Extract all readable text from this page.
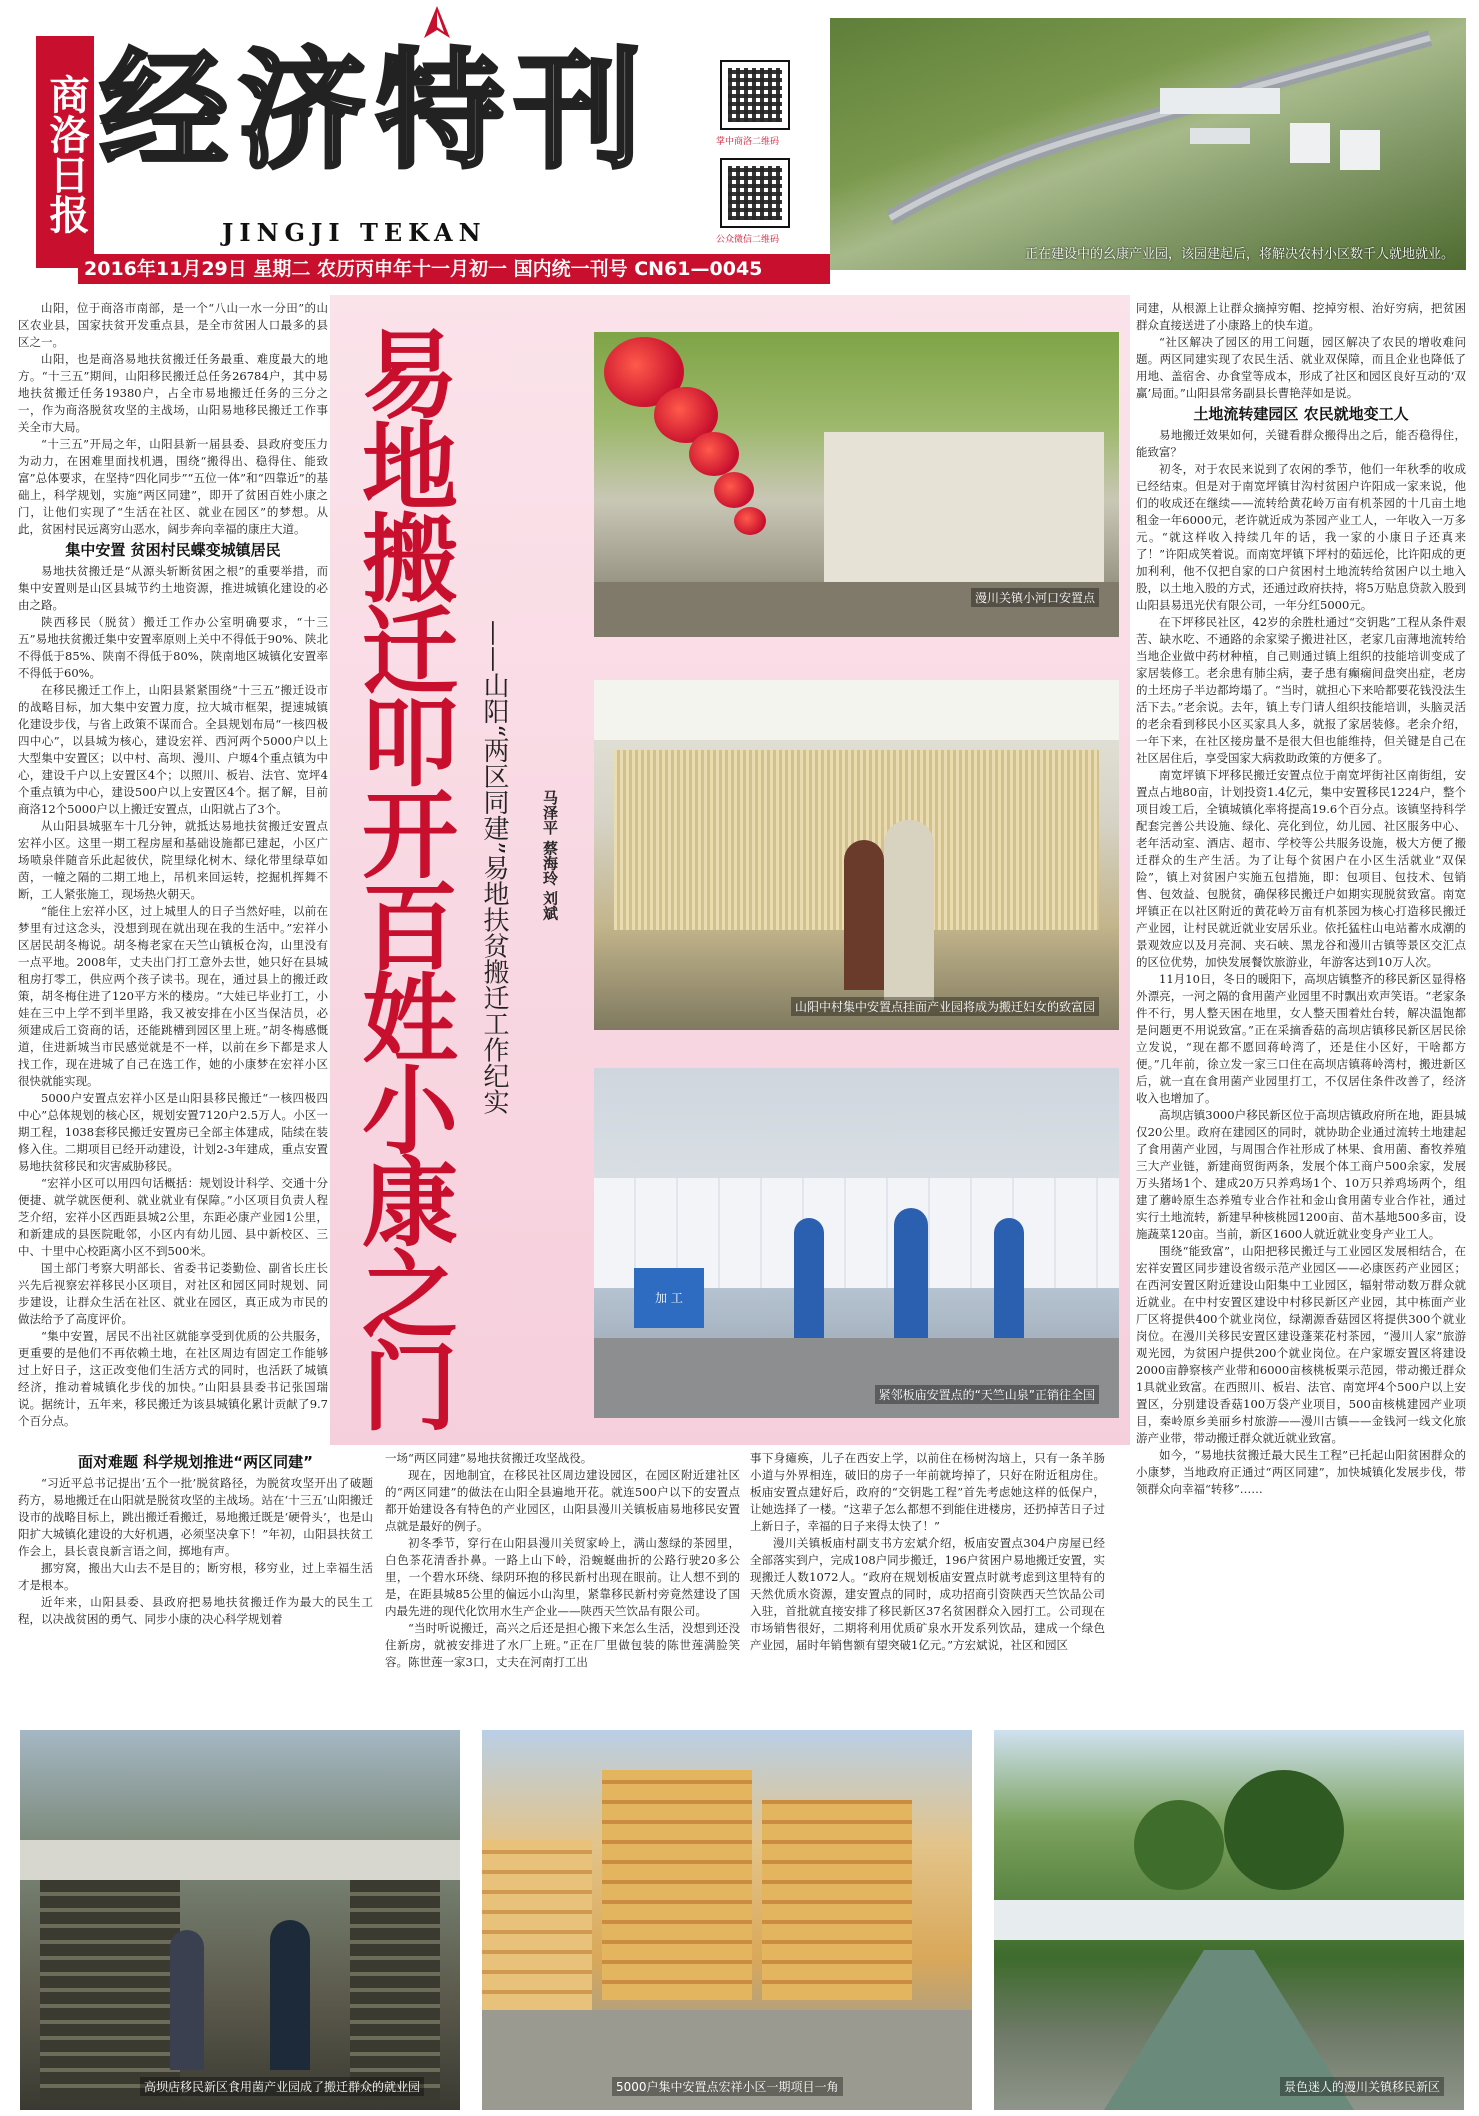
商洛日报 经济特刊
JINGJI TEKAN
掌中商洛二维码
公众微信二维码
2016年11月29日 星期二 农历丙申年十一月初一 国内统一刊号 CN61—0045
正在建设中的幺康产业园，该园建起后，将解决农村小区数千人就地就业。
易地搬迁叩开百姓小康之门
——山阳“两区同建”易地扶贫搬迁工作纪实 马泽平 蔡海玲 刘斌
漫川关镇小河口安置点
山阳中村集中安置点挂面产业园将成为搬迁妇女的致富园
加 工
紧邻板庙安置点的“天竺山泉”正销往全国

山阳，位于商洛市南部，是一个“八山一水一分田”的山区农业县，国家扶贫开发重点县，是全市贫困人口最多的县区之一。

山阳，也是商洛易地扶贫搬迁任务最重、难度最大的地方。“十三五”期间，山阳移民搬迁总任务26784户，其中易地扶贫搬迁任务19380户，占全市易地搬迁任务的三分之一，作为商洛脱贫攻坚的主战场，山阳易地移民搬迁工作事关全市大局。

“十三五”开局之年，山阳县新一届县委、县政府变压力为动力，在困难里面找机遇，围绕“搬得出、稳得住、能致富”总体要求，在坚持“四化同步”“五位一体”和“四靠近”的基础上，科学规划，实施“两区同建”，即开了贫困百姓小康之门，让他们实现了“生活在社区、就业在园区”的梦想。从此，贫困村民远离穷山恶水，阔步奔向幸福的康庄大道。

集中安置 贫困村民蝶变城镇居民

易地扶贫搬迁是“从源头斩断贫困之根”的重要举措，而集中安置则是山区县城节约土地资源，推进城镇化建设的必由之路。

陕西移民（脱贫）搬迁工作办公室明确要求，“十三五”易地扶贫搬迁集中安置率原则上关中不得低于90%、陕北不得低于85%、陕南不得低于80%，陕南地区城镇化安置率不得低于60%。

在移民搬迁工作上，山阳县紧紧围绕“十三五”搬迁设市的战略目标，加大集中安置力度，拉大城市框架，提速城镇化建设步伐，与省上政策不谋而合。全县规划布局“一核四极四中心”，以县城为核心，建设宏祥、西河两个5000户以上大型集中安置区；以中村、高坝、漫川、户塬4个重点镇为中心，建设千户以上安置区4个；以照川、板岩、法官、宽坪4个重点镇为中心，建设500户以上安置区4个。据了解，目前商洛12个5000户以上搬迁安置点，山阳就占了3个。

从山阳县城驱车十几分钟，就抵达易地扶贫搬迁安置点宏祥小区。这里一期工程房屋和基础设施都已建起，小区广场喷泉伴随音乐此起彼伏，院里绿化树木、绿化带里绿草如茵，一幢之隔的二期工地上，吊机来回运转，挖掘机挥舞不断，工人紧张施工，现场热火朝天。

“能住上宏祥小区，过上城里人的日子当然好哇，以前在梦里有过这念头，没想到现在就出现在我的生活中。”宏祥小区居民胡冬梅说。胡冬梅老家在天竺山镇板仓沟，山里没有一点平地。2008年，丈夫出门打工意外去世，她只好在县城租房打零工，供应两个孩子读书。现在，通过县上的搬迁政策，胡冬梅住进了120平方米的楼房。“大娃已毕业打工，小娃在三中上学不到半里路，我又被安排在小区当保洁员，必须建成后工资商的话，还能跳槽到园区里上班。”胡冬梅感慨道，住进新城当市民感觉就是不一样，以前在乡下都是求人找工作，现在进城了自己在选工作，她的小康梦在宏祥小区很快就能实现。

5000户安置点宏祥小区是山阳县移民搬迁“一核四极四中心”总体规划的核心区，规划安置7120户2.5万人。小区一期工程，1038套移民搬迁安置房已全部主体建成，陆续在装修入住。二期项目已经开动建设，计划2-3年建成，重点安置易地扶贫移民和灾害威胁移民。

“宏祥小区可以用四句话概括：规划设计科学、交通十分便捷、就学就医便利、就业就业有保障。”小区项目负责人程芝介绍，宏祥小区西距县城2公里，东距必康产业园1公里，和新建成的县医院毗邻，小区内有幼儿园、县中新校区、三中、十里中心校距离小区不到500米。

国土部门考察大明部长、省委书记娄勤俭、副省长庄长兴先后视察宏祥移民小区项目，对社区和园区同时规划、同步建设，让群众生活在社区、就业在园区，真正成为市民的做法给予了高度评价。

“集中安置，居民不出社区就能享受到优质的公共服务，更重要的是他们不再依赖土地，在社区周边有固定工作能够过上好日子，这正改变他们生活方式的同时，也活跃了城镇经济，推动着城镇化步伐的加快。”山阳县县委书记张国瑞说。据统计，五年来，移民搬迁为该县城镇化累计贡献了9.7个百分点。

面对难题 科学规划推进“两区同建”

“习近平总书记提出‘五个一批’脱贫路径，为脱贫攻坚开出了破题药方，易地搬迁在山阳就是脱贫攻坚的主战场。站在‘十三五’山阳搬迁设市的战略目标上，跳出搬迁看搬迁，易地搬迁既是‘硬骨头’，也是山阳扩大城镇化建设的大好机遇，必须坚决拿下！”年初，山阳县扶贫工作会上，县长袁良新言语之间，掷地有声。

挪穷窝，搬出大山去不是目的；断穷根，移穷业，过上幸福生活才是根本。

近年来，山阳县委、县政府把易地扶贫搬迁作为最大的民生工程，以决战贫困的勇气、同步小康的决心科学规划着

一场“两区同建”易地扶贫搬迁攻坚战役。

现在，因地制宜，在移民社区周边建设园区，在园区附近建社区的“两区同建”的做法在山阳全县遍地开花。就连500户以下的安置点都开始建设各有特色的产业园区，山阳县漫川关镇板庙易地移民安置点就是最好的例子。

初冬季节，穿行在山阳县漫川关贸家岭上，满山葱绿的茶园里，白色茶花清香扑鼻。一路上山下岭，沿蜿蜒曲折的公路行驶20多公里，一个碧水环绕、绿阴环抱的移民新村出现在眼前。让人想不到的是，在距县城85公里的偏远小山沟里，紧靠移民新村旁竟然建设了国内最先进的现代化饮用水生产企业——陕西天竺饮品有限公司。

“当时听说搬迁，高兴之后还是担心搬下来怎么生活，没想到还没住新房，就被安排进了水厂上班。”正在厂里做包装的陈世莲满脸笑容。陈世莲一家3口，丈夫在河南打工出

事下身瘫痪，儿子在西安上学，以前住在杨树沟垴上，只有一条羊肠小道与外界相连，破旧的房子一年前就垮掉了，只好在附近租房住。板庙安置点建好后，政府的“交钥匙工程”首先考虑她这样的低保户，让她选择了一楼。“这辈子怎么都想不到能住进楼房，还扔掉苦日子过上新日子，幸福的日子来得太快了！”

漫川关镇板庙村副支书方宏斌介绍，板庙安置点304户房屋已经全部落实到户，完成108户同步搬迁，196户贫困户易地搬迁安置，实现搬迁人数1072人。“政府在规划板庙安置点时就考虑到这里特有的天然优质水资源，建安置点的同时，成功招商引资陕西天竺饮品公司入驻，首批就直接安排了移民新区37名贫困群众入园打工。公司现在市场销售很好，二期将利用优质矿泉水开发系列饮品，建成一个绿色产业园，届时年销售额有望突破1亿元。”方宏斌说，社区和园区

同建，从根源上让群众摘掉穷帽、挖掉穷根、治好穷病，把贫困群众直接送进了小康路上的快车道。

“社区解决了园区的用工问题，园区解决了农民的增收难问题。两区同建实现了农民生活、就业双保障，而且企业也降低了用地、盖宿舍、办食堂等成本，形成了社区和园区良好互动的‘双赢’局面。”山阳县常务副县长曹艳萍如是说。

土地流转建园区 农民就地变工人

易地搬迁效果如何，关键看群众搬得出之后，能否稳得住，能致富？

初冬，对于农民来说到了农闲的季节，他们一年秋季的收成已经结束。但是对于南宽坪镇甘沟村贫困户许阳成一家来说，他们的收成还在继续——流转给黄花岭万亩有机茶园的十几亩土地租金一年6000元，老许就近成为茶园产业工人，一年收入一万多元。“就这样收入持续几年的话，我一家的小康日子还真来了！”许阳成笑着说。而南宽坪镇下坪村的茹远伦，比许阳成的更加利利，他不仅把自家的口户贫困村土地流转给贫困户以土地入股，以土地入股的方式，还通过政府扶持，将5万贴息贷款入股到山阳县易迅光伏有限公司，一年分红5000元。

在下坪移民社区，42岁的余胜杜通过“交钥匙”工程从条件艰苦、缺水吃、不通路的余家梁子搬进社区，老家几亩薄地流转给当地企业做中药材种植，自己则通过镇上组织的技能培训变成了家居装修工。老余患有肺尘病，妻子患有癫痫间盘突出症，老房的土坯房子半边都垮塌了。“当时，就担心下来哈都要花钱没法生活下去。”老余说。去年，镇上专门请人组织技能培训，头脑灵活的老余看到移民小区买家具人多，就报了家居装修。老余介绍，一年下来，在社区接房量不是很大但也能维持，但关键是自己在社区居住后，享受国家大病救助政策的方便多了。

南宽坪镇下坪移民搬迁安置点位于南宽坪街社区南街组，安置点占地80亩，计划投资1.4亿元，集中安置移民1224户，整个项目竣工后，全镇城镇化率将提高19.6个百分点。该镇坚持科学配套完善公共设施、绿化、亮化到位，幼儿园、社区服务中心、老年活动室、酒店、超市、学校等公共服务设施，极大方便了搬迁群众的生产生活。为了让每个贫困户在小区生活就业“双保险”，镇上对贫困户实施五包措施，即：包项目、包技术、包销售、包效益、包脱贫，确保移民搬迁户如期实现脱贫致富。南宽坪镇正在以社区附近的黄花岭万亩有机茶园为核心打造移民搬迁产业园，让村民就近就业安居乐业。依托猛柱山电站蓄水成潮的景观效应以及月亮洞、夹石峡、黑龙谷和漫川古镇等景区交汇点的区位优势，加快发展餐饮旅游业，年游客达到10万人次。

11月10日，冬日的暖阳下，高坝店镇整齐的移民新区显得格外漂亮，一河之隔的食用菌产业园里不时飘出欢声笑语。“老家条件不行，男人整天困在地里，女人整天围着灶台转，解决温饱都是问题更不用说致富。”正在采摘香菇的高坝店镇移民新区居民徐立发说，“现在都不愿回蒋岭湾了，还是住小区好，干啥都方便。”几年前，徐立发一家三口住在高坝店镇蒋岭湾村，搬进新区后，就一直在食用菌产业园里打工，不仅居住条件改善了，经济收入也增加了。

高坝店镇3000户移民新区位于高坝店镇政府所在地，距县城仅20公里。政府在建园区的同时，就协助企业通过流转土地建起了食用菌产业园，与周围合作社形成了林果、食用菌、畜牧养殖三大产业链，新建商贸街两条，发展个体工商户500余家，发展万头猪场1个、建成20万只养鸡场1个、10万只养鸡场两个，组建了蘑岭原生态养殖专业合作社和金山食用菌专业合作社，通过实行土地流转，新建早种核桃园1200亩、苗木基地500多亩，设施蔬菜120亩。当前，新区1600人就近就业变身产业工人。

围绕“能致富”，山阳把移民搬迁与工业园区发展相结合，在宏祥安置区同步建设省级示范产业园区——必康医药产业园区；在西河安置区附近建设山阳集中工业园区，辐射带动数万群众就近就业。在中村安置区建设中村移民新区产业园，其中栋面产业厂区将提供400个就业岗位，绿潮源香菇园区将提供300个就业岗位。在漫川关移民安置区建设蓬莱花村茶园，“漫川人家”旅游观光园，为贫困户提供200个就业岗位。在户家塬安置区将建设2000亩静察核产业带和6000亩核桃板栗示范园，带动搬迁群众1具就业致富。在西照川、板岩、法官、南宽坪4个500户以上安置区，分别建设香菇100万袋产业项目，500亩核桃建园产业项目，秦岭原乡美丽乡村旅游——漫川古镇——金钱河一线文化旅游产业带，带动搬迁群众就近就业致富。

如今，“易地扶贫搬迁最大民生工程”已托起山阳贫困群众的小康梦，当地政府正通过“两区同建”，加快城镇化发展步伐，带领群众向幸福“转移”……

高坝店移民新区食用菌产业园成了搬迁群众的就业园	5000户集中安置点宏祥小区一期项目一角	景色迷人的漫川关镇移民新区
